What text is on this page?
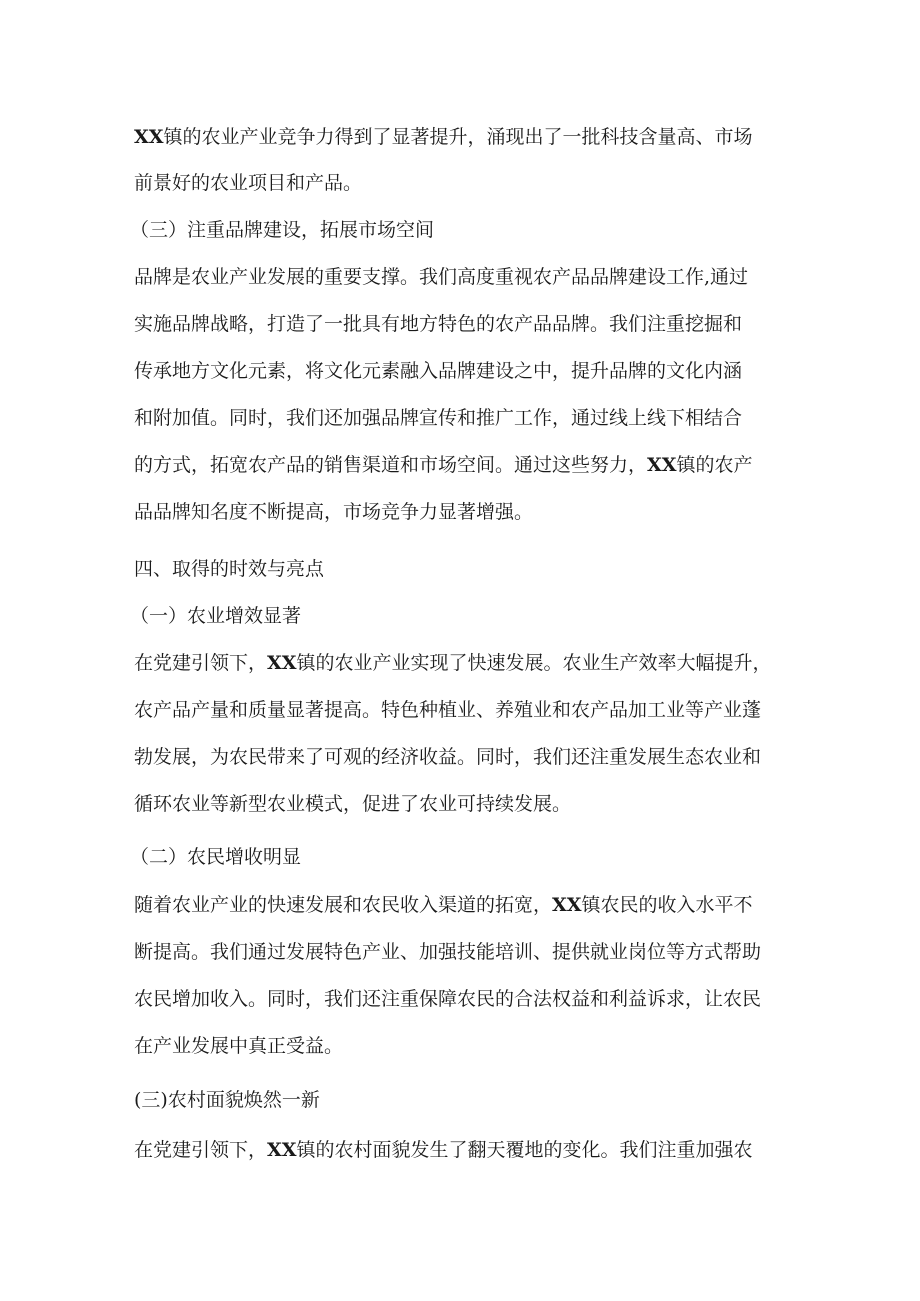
XX镇的农业产业竞争力得到了显著提升，涌现出了一批科技含量高、市场
前景好的农业项目和产品。
（三）注重品牌建设，拓展市场空间
品牌是农业产业发展的重要支撑。我们高度重视农产品品牌建设工作,通过
实施品牌战略，打造了一批具有地方特色的农产品品牌。我们注重挖掘和
传承地方文化元素，将文化元素融入品牌建设之中，提升品牌的文化内涵
和附加值。同时，我们还加强品牌宣传和推广工作，通过线上线下相结合
的方式，拓宽农产品的销售渠道和市场空间。通过这些努力，XX镇的农产
品品牌知名度不断提高，市场竞争力显著增强。
四、取得的时效与亮点
（一）农业增效显著
在党建引领下，XX镇的农业产业实现了快速发展。农业生产效率大幅提升，
农产品产量和质量显著提高。特色种植业、养殖业和农产品加工业等产业蓬
勃发展，为农民带来了可观的经济收益。同时，我们还注重发展生态农业和
循环农业等新型农业模式，促进了农业可持续发展。
（二）农民增收明显
随着农业产业的快速发展和农民收入渠道的拓宽，XX镇农民的收入水平不
断提高。我们通过发展特色产业、加强技能培训、提供就业岗位等方式帮助
农民增加收入。同时，我们还注重保障农民的合法权益和利益诉求，让农民
在产业发展中真正受益。
(三)农村面貌焕然一新
在党建引领下，XX镇的农村面貌发生了翻天覆地的变化。我们注重加强农
